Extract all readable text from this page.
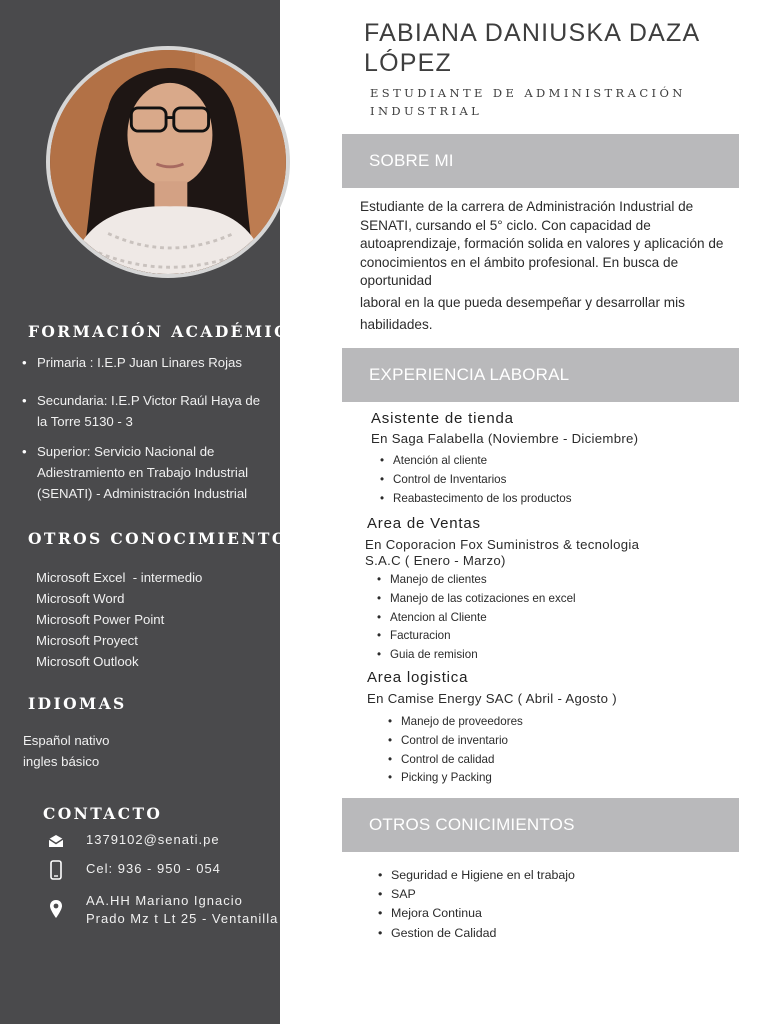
FORMACIÓN ACADÉMICA
• Primaria : I.E.P Juan Linares Rojas
• Secundaria: I.E.P Victor Raúl Haya de la Torre 5130 - 3
• Superior: Servicio Nacional de Adiestramiento en Trabajo Industrial (SENATI) - Administración Industrial
OTROS CONOCIMIENTOS
Microsoft Excel  - intermedio
Microsoft Word
Microsoft Power Point
Microsoft Proyect
Microsoft Outlook
IDIOMAS
Español nativo
ingles básico
CONTACTO
1379102@senati.pe
Cel: 936 - 950 - 054
AA.HH Mariano Ignacio
Prado Mz t Lt 25 - Ventanilla
FABIANA DANIUSKA DAZA LÓPEZ
ESTUDIANTE DE ADMINISTRACIÓN INDUSTRIAL
SOBRE MI
Estudiante de la carrera de Administración Industrial de SENATI, cursando el 5° ciclo. Con capacidad de autoaprendizaje, formación solida en valores y aplicación de conocimientos en el ámbito profesional. En busca de oportunidad
laboral en la que pueda desempeñar y desarrollar mis habilidades.
EXPERIENCIA LABORAL
Asistente de tienda
En Saga Falabella (Noviembre - Diciembre)
• Atención al cliente
• Control de Inventarios
• Reabastecimento de los productos
Area de Ventas
En Coporacion Fox Suministros & tecnologia
S.A.C ( Enero - Marzo)
• Manejo de clientes
• Manejo de las cotizaciones en excel
• Atencion al Cliente
• Facturacion
• Guia de remision
Area logistica
En Camise Energy SAC ( Abril - Agosto )
• Manejo de proveedores
• Control de inventario
• Control de calidad
• Picking y Packing
OTROS CONICIMIENTOS
• Seguridad e Higiene en el trabajo
• SAP
• Mejora Continua
• Gestion de Calidad
